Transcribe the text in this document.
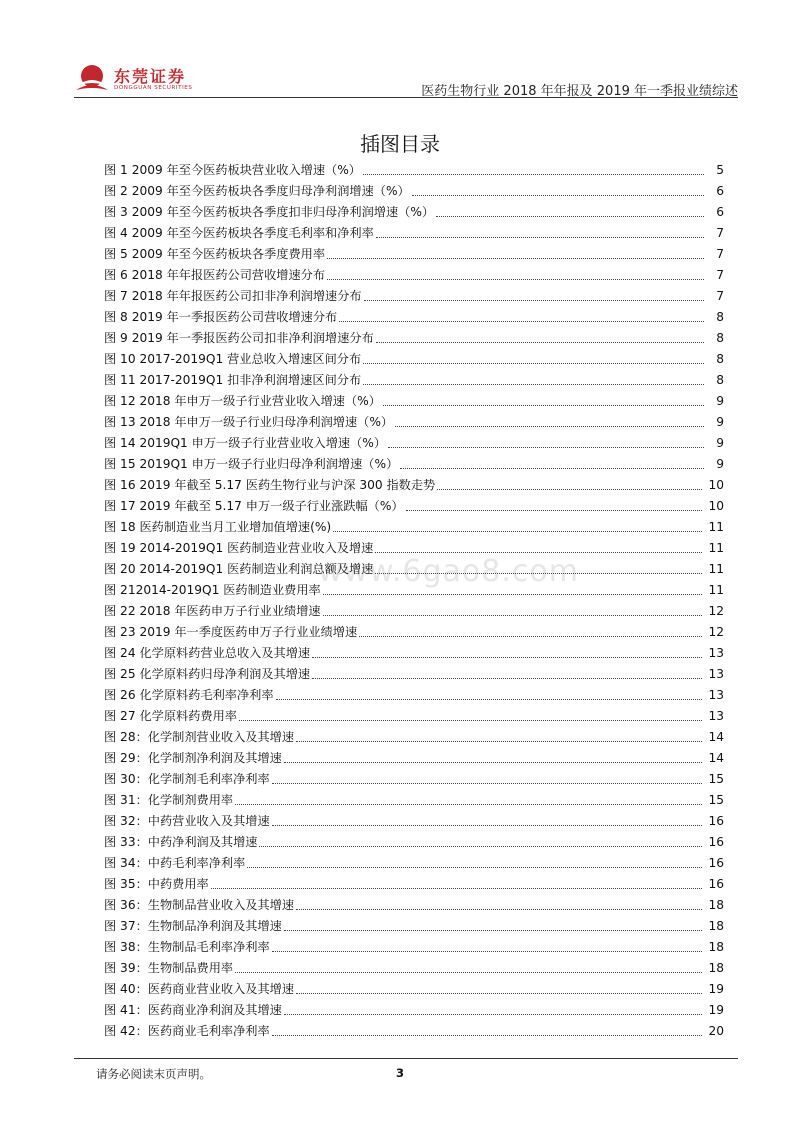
东莞证券
DONGGUAN SECURITIES	医药生物行业 2018 年年报及 2019 年一季报业绩综述
插图目录
www.6gao8.com
图 1 2009 年至今医药板块营业收入增速（%）	5
图 2 2009 年至今医药板块各季度归母净利润增速（%）	6
图 3 2009 年至今医药板块各季度扣非归母净利润增速（%）	6
图 4 2009 年至今医药板块各季度毛利率和净利率	7
图 5 2009 年至今医药板块各季度费用率	7
图 6 2018 年年报医药公司营收增速分布	7
图 7 2018 年年报医药公司扣非净利润增速分布	7
图 8 2019 年一季报医药公司营收增速分布	8
图 9 2019 年一季报医药公司扣非净利润增速分布	8
图 10 2017-2019Q1 营业总收入增速区间分布	8
图 11 2017-2019Q1 扣非净利润增速区间分布	8
图 12 2018 年申万一级子行业营业收入增速（%）	9
图 13 2018 年申万一级子行业归母净利润增速（%）	9
图 14 2019Q1 申万一级子行业营业收入增速（%）	9
图 15 2019Q1 申万一级子行业归母净利润增速（%）	9
图 16 2019 年截至 5.17 医药生物行业与沪深 300 指数走势	10
图 17 2019 年截至 5.17 申万一级子行业涨跌幅（%）	10
图 18 医药制造业当月工业增加值增速(%)	11
图 19 2014-2019Q1 医药制造业营业收入及增速	11
图 20 2014-2019Q1 医药制造业利润总额及增速	11
图 212014-2019Q1 医药制造业费用率	11
图 22 2018 年医药申万子行业业绩增速	12
图 23 2019 年一季度医药申万子行业业绩增速	12
图 24 化学原料药营业总收入及其增速	13
图 25 化学原料药归母净利润及其增速	13
图 26 化学原料药毛利率净利率	13
图 27 化学原料药费用率	13
图 28：化学制剂营业收入及其增速	14
图 29：化学制剂净利润及其增速	14
图 30：化学制剂毛利率净利率	15
图 31：化学制剂费用率	15
图 32：中药营业收入及其增速	16
图 33：中药净利润及其增速	16
图 34：中药毛利率净利率	16
图 35：中药费用率	16
图 36：生物制品营业收入及其增速	18
图 37：生物制品净利润及其增速	18
图 38：生物制品毛利率净利率	18
图 39：生物制品费用率	18
图 40：医药商业营业收入及其增速	19
图 41：医药商业净利润及其增速	19
图 42：医药商业毛利率净利率	20
请务必阅读末页声明。	3
